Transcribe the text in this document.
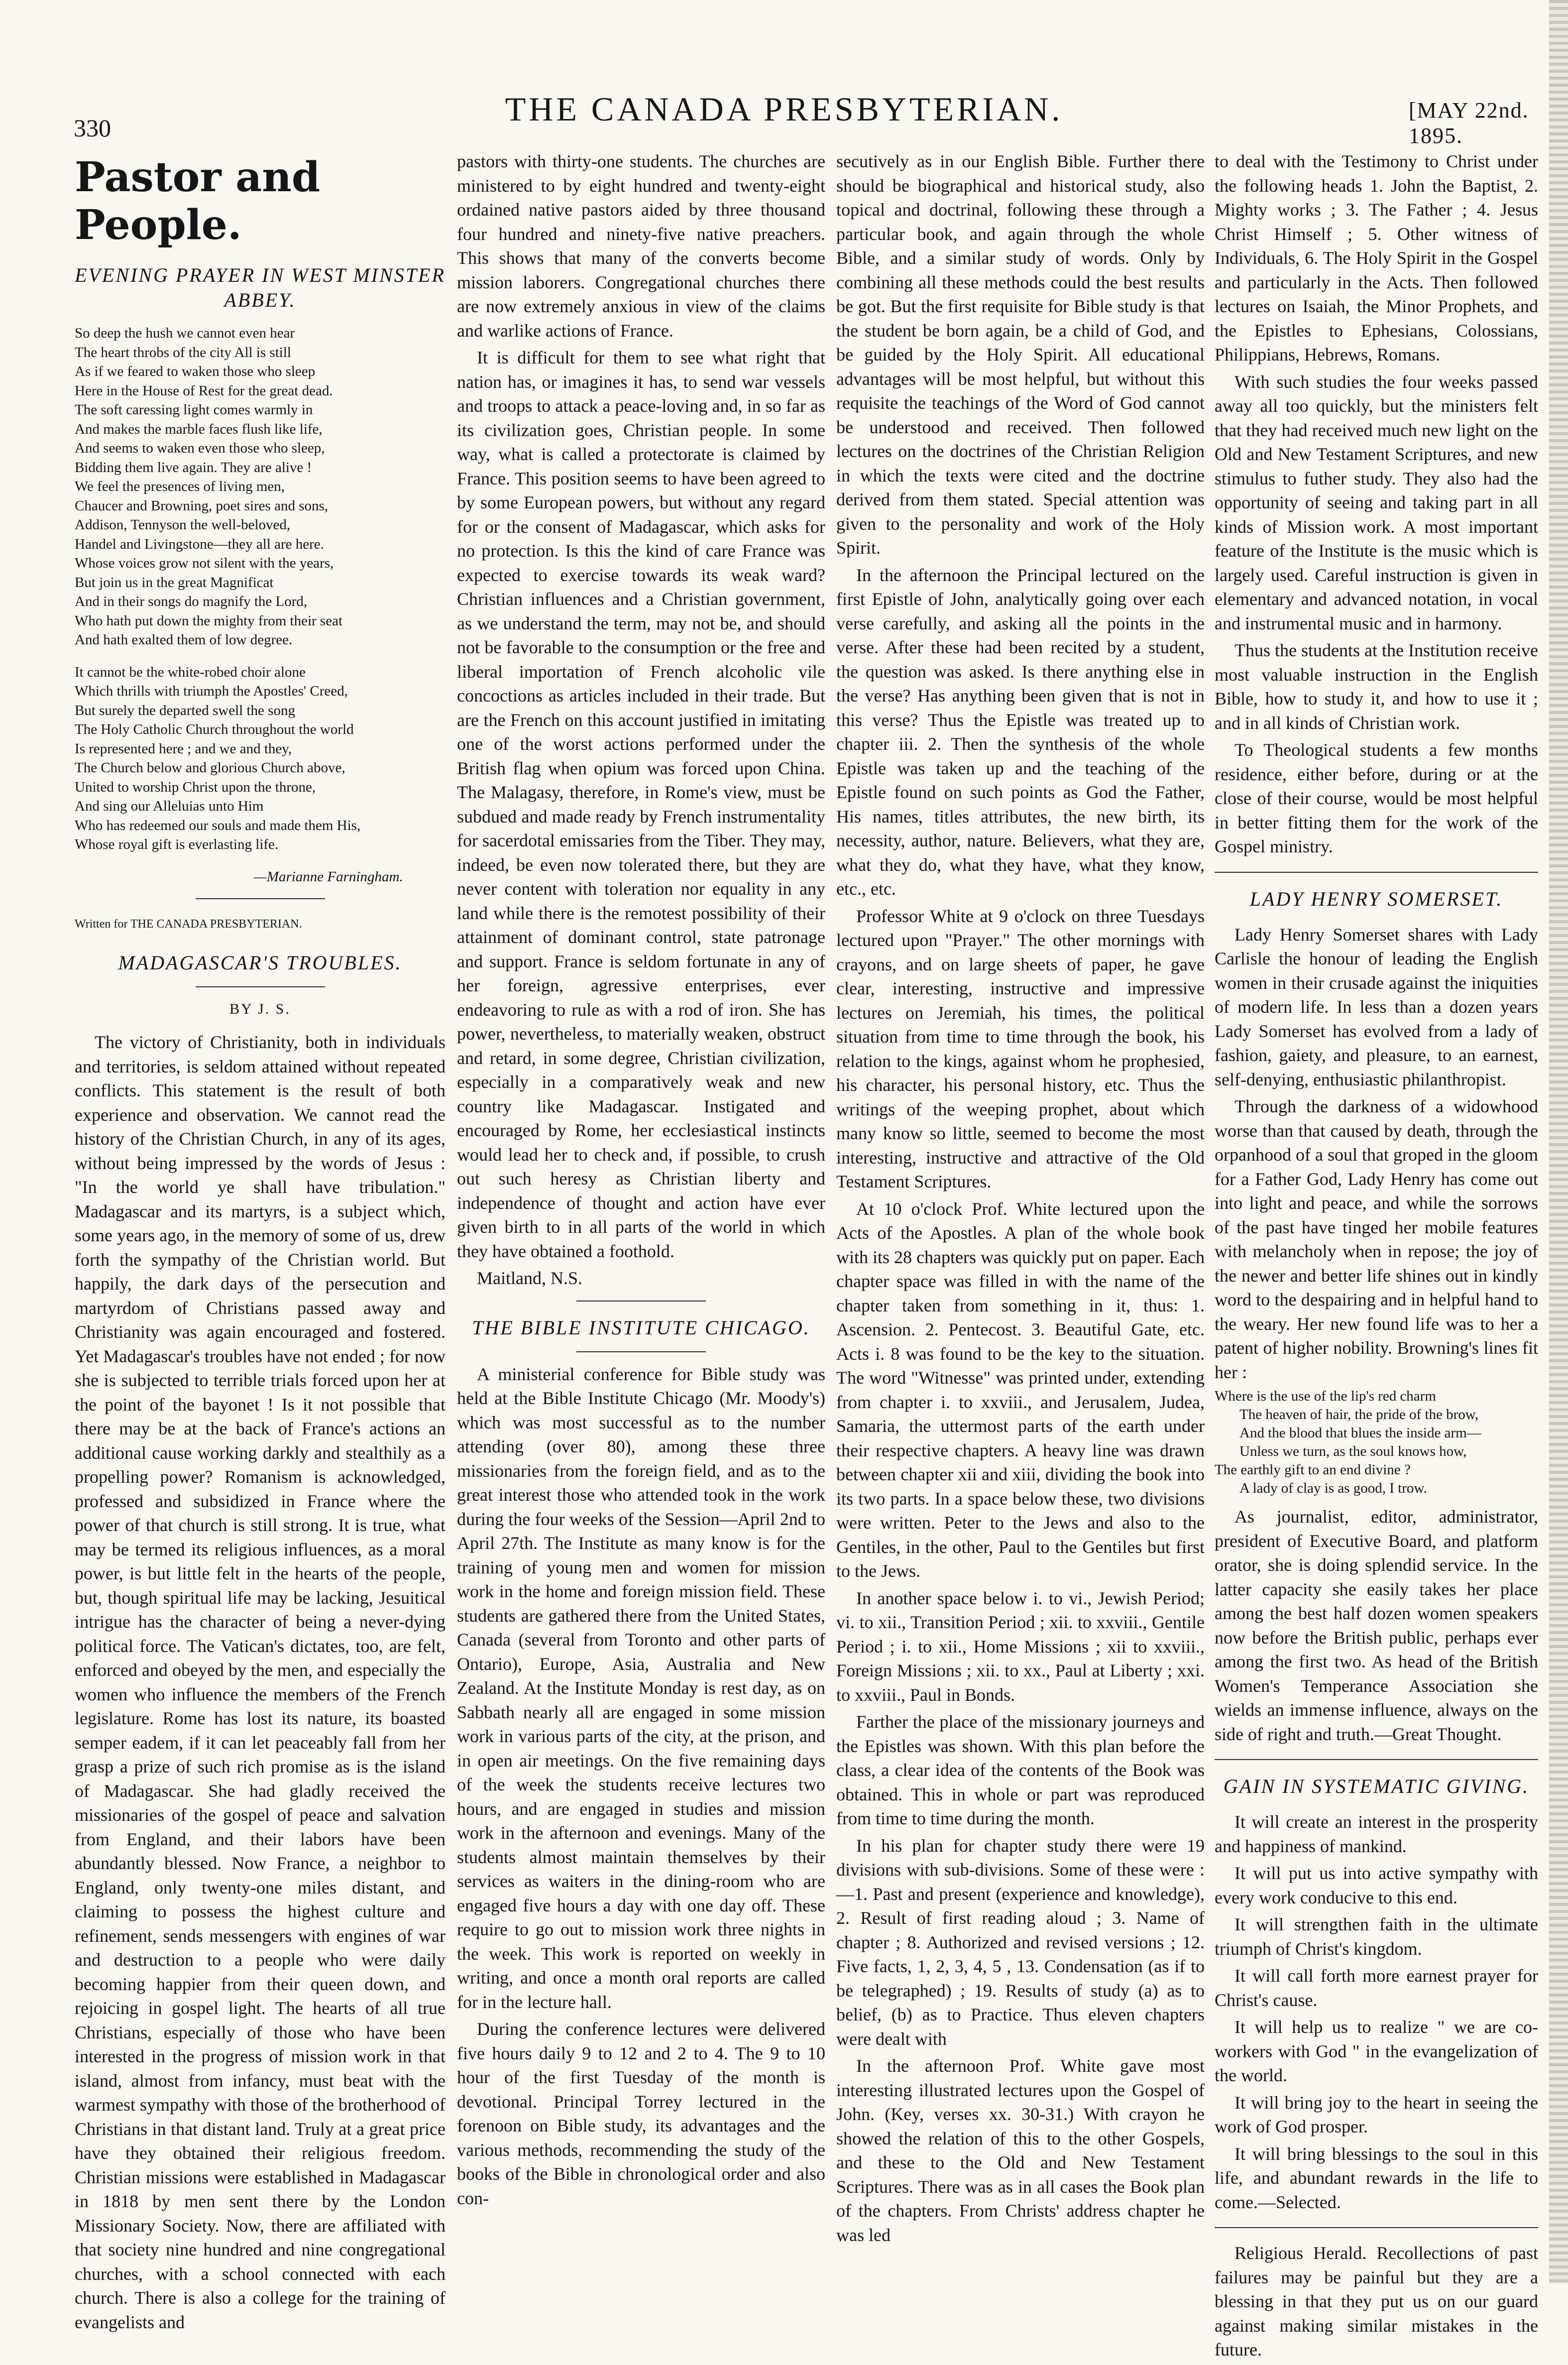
330	THE CANADA PRESBYTERIAN.	[MAY 22nd. 1895.
Pastor and People.
EVENING PRAYER IN WEST MINSTER ABBEY.
So deep the hush we cannot even hear
The heart throbs of the city All is still
As if we feared to waken those who sleep
Here in the House of Rest for the great dead.
The soft caressing light comes warmly in
And makes the marble faces flush like life,
And seems to waken even those who sleep,
Bidding them live again. They are alive !
We feel the presences of living men,
Chaucer and Browning, poet sires and sons,
Addison, Tennyson the well-beloved,
Handel and Livingstone—they all are here.
Whose voices grow not silent with the years,
But join us in the great Magnificat
And in their songs do magnify the Lord,
Who hath put down the mighty from their seat
And hath exalted them of low degree.
It cannot be the white-robed choir alone
Which thrills with triumph the Apostles' Creed,
But surely the departed swell the song
The Holy Catholic Church throughout the world
Is represented here ; and we and they,
The Church below and glorious Church above,
United to worship Christ upon the throne,
And sing our Alleluias unto Him
Who has redeemed our souls and made them His,
Whose royal gift is everlasting life.
—Marianne Farningham.
Written for THE CANADA PRESBYTERIAN.
MADAGASCAR'S TROUBLES.
BY J. S.

The victory of Christianity, both in individuals and territories, is seldom attained without repeated conflicts. This statement is the result of both experience and observation. We cannot read the history of the Christian Church, in any of its ages, without being impressed by the words of Jesus : "In the world ye shall have tribulation." Madagascar and its martyrs, is a subject which, some years ago, in the memory of some of us, drew forth the sympathy of the Christian world. But happily, the dark days of the persecution and martyrdom of Christians passed away and Christianity was again encouraged and fostered. Yet Madagascar's troubles have not ended ; for now she is subjected to terrible trials forced upon her at the point of the bayonet ! Is it not possible that there may be at the back of France's actions an additional cause working darkly and stealthily as a propelling power? Romanism is acknowledged, professed and subsidized in France where the power of that church is still strong. It is true, what may be termed its religious influences, as a moral power, is but little felt in the hearts of the people, but, though spiritual life may be lacking, Jesuitical intrigue has the character of being a never-dying political force. The Vatican's dictates, too, are felt, enforced and obeyed by the men, and especially the women who influence the members of the French legislature. Rome has lost its nature, its boasted semper eadem, if it can let peaceably fall from her grasp a prize of such rich promise as is the island of Madagascar. She had gladly received the missionaries of the gospel of peace and salvation from England, and their labors have been abundantly blessed. Now France, a neighbor to England, only twenty-one miles distant, and claiming to possess the highest culture and refinement, sends messengers with engines of war and destruction to a people who were daily becoming happier from their queen down, and rejoicing in gospel light. The hearts of all true Christians, especially of those who have been interested in the progress of mission work in that island, almost from infancy, must beat with the warmest sympathy with those of the brotherhood of Christians in that distant land. Truly at a great price have they obtained their religious freedom. Christian missions were established in Madagascar in 1818 by men sent there by the London Missionary Society. Now, there are affiliated with that society nine hundred and nine congregational churches, with a school connected with each church. There is also a college for the training of evangelists and

pastors with thirty-one students. The churches are ministered to by eight hundred and twenty-eight ordained native pastors aided by three thousand four hundred and ninety-five native preachers. This shows that many of the converts become mission laborers. Congregational churches there are now extremely anxious in view of the claims and warlike actions of France.

It is difficult for them to see what right that nation has, or imagines it has, to send war vessels and troops to attack a peace-loving and, in so far as its civilization goes, Christian people. In some way, what is called a protectorate is claimed by France. This position seems to have been agreed to by some European powers, but without any regard for or the consent of Madagascar, which asks for no protection. Is this the kind of care France was expected to exercise towards its weak ward? Christian influences and a Christian government, as we understand the term, may not be, and should not be favorable to the consumption or the free and liberal importation of French alcoholic vile concoctions as articles included in their trade. But are the French on this account justified in imitating one of the worst actions performed under the British flag when opium was forced upon China. The Malagasy, therefore, in Rome's view, must be subdued and made ready by French instrumentality for sacerdotal emissaries from the Tiber. They may, indeed, be even now tolerated there, but they are never content with toleration nor equality in any land while there is the remotest possibility of their attainment of dominant control, state patronage and support. France is seldom fortunate in any of her foreign, agressive enterprises, ever endeavoring to rule as with a rod of iron. She has power, nevertheless, to materially weaken, obstruct and retard, in some degree, Christian civilization, especially in a comparatively weak and new country like Madagascar. Instigated and encouraged by Rome, her ecclesiastical instincts would lead her to check and, if possible, to crush out such heresy as Christian liberty and independence of thought and action have ever given birth to in all parts of the world in which they have obtained a foothold.

Maitland, N.S.
THE BIBLE INSTITUTE CHICAGO.

A ministerial conference for Bible study was held at the Bible Institute Chicago (Mr. Moody's) which was most successful as to the number attending (over 80), among these three missionaries from the foreign field, and as to the great interest those who attended took in the work during the four weeks of the Session—April 2nd to April 27th. The Institute as many know is for the training of young men and women for mission work in the home and foreign mission field. These students are gathered there from the United States, Canada (several from Toronto and other parts of Ontario), Europe, Asia, Australia and New Zealand. At the Institute Monday is rest day, as on Sabbath nearly all are engaged in some mission work in various parts of the city, at the prison, and in open air meetings. On the five remaining days of the week the students receive lectures two hours, and are engaged in studies and mission work in the afternoon and evenings. Many of the students almost maintain themselves by their services as waiters in the dining-room who are engaged five hours a day with one day off. These require to go out to mission work three nights in the week. This work is reported on weekly in writing, and once a month oral reports are called for in the lecture hall.

During the conference lectures were delivered five hours daily 9 to 12 and 2 to 4. The 9 to 10 hour of the first Tuesday of the month is devotional. Principal Torrey lectured in the forenoon on Bible study, its advantages and the various methods, recommending the study of the books of the Bible in chronological order and also con-

secutively as in our English Bible. Further there should be biographical and historical study, also topical and doctrinal, following these through a particular book, and again through the whole Bible, and a similar study of words. Only by combining all these methods could the best results be got. But the first requisite for Bible study is that the student be born again, be a child of God, and be guided by the Holy Spirit. All educational advantages will be most helpful, but without this requisite the teachings of the Word of God cannot be understood and received. Then followed lectures on the doctrines of the Christian Religion in which the texts were cited and the doctrine derived from them stated. Special attention was given to the personality and work of the Holy Spirit.

In the afternoon the Principal lectured on the first Epistle of John, analytically going over each verse carefully, and asking all the points in the verse. After these had been recited by a student, the question was asked. Is there anything else in the verse? Has anything been given that is not in this verse? Thus the Epistle was treated up to chapter iii. 2. Then the synthesis of the whole Epistle was taken up and the teaching of the Epistle found on such points as God the Father, His names, titles attributes, the new birth, its necessity, author, nature. Believers, what they are, what they do, what they have, what they know, etc., etc.

Professor White at 9 o'clock on three Tuesdays lectured upon "Prayer." The other mornings with crayons, and on large sheets of paper, he gave clear, interesting, instructive and impressive lectures on Jeremiah, his times, the political situation from time to time through the book, his relation to the kings, against whom he prophesied, his character, his personal history, etc. Thus the writings of the weeping prophet, about which many know so little, seemed to become the most interesting, instructive and attractive of the Old Testament Scriptures.

At 10 o'clock Prof. White lectured upon the Acts of the Apostles. A plan of the whole book with its 28 chapters was quickly put on paper. Each chapter space was filled in with the name of the chapter taken from something in it, thus: 1. Ascension. 2. Pentecost. 3. Beautiful Gate, etc. Acts i. 8 was found to be the key to the situation. The word "Witnesse" was printed under, extending from chapter i. to xxviii., and Jerusalem, Judea, Samaria, the uttermost parts of the earth under their respective chapters. A heavy line was drawn between chapter xii and xiii, dividing the book into its two parts. In a space below these, two divisions were written. Peter to the Jews and also to the Gentiles, in the other, Paul to the Gentiles but first to the Jews.

In another space below i. to vi., Jewish Period; vi. to xii., Transition Period ; xii. to xxviii., Gentile Period ; i. to xii., Home Missions ; xii to xxviii., Foreign Missions ; xii. to xx., Paul at Liberty ; xxi. to xxviii., Paul in Bonds.

Farther the place of the missionary journeys and the Epistles was shown. With this plan before the class, a clear idea of the contents of the Book was obtained. This in whole or part was reproduced from time to time during the month.

In his plan for chapter study there were 19 divisions with sub-divisions. Some of these were :—1. Past and present (experience and knowledge), 2. Result of first reading aloud ; 3. Name of chapter ; 8. Authorized and revised versions ; 12. Five facts, 1, 2, 3, 4, 5 , 13. Condensation (as if to be telegraphed) ; 19. Results of study (a) as to belief, (b) as to Practice. Thus eleven chapters were dealt with

In the afternoon Prof. White gave most interesting illustrated lectures upon the Gospel of John. (Key, verses xx. 30-31.) With crayon he showed the relation of this to the other Gospels, and these to the Old and New Testament Scriptures. There was as in all cases the Book plan of the chapters. From Christs' address chapter he was led

to deal with the Testimony to Christ under the following heads 1. John the Baptist, 2. Mighty works ; 3. The Father ; 4. Jesus Christ Himself ; 5. Other witness of Individuals, 6. The Holy Spirit in the Gospel and particularly in the Acts. Then followed lectures on Isaiah, the Minor Prophets, and the Epistles to Ephesians, Colossians, Philippians, Hebrews, Romans.

With such studies the four weeks passed away all too quickly, but the ministers felt that they had received much new light on the Old and New Testament Scriptures, and new stimulus to futher study. They also had the opportunity of seeing and taking part in all kinds of Mission work. A most important feature of the Institute is the music which is largely used. Careful instruction is given in elementary and advanced notation, in vocal and instrumental music and in harmony.

Thus the students at the Institution receive most valuable instruction in the English Bible, how to study it, and how to use it ; and in all kinds of Christian work.

To Theological students a few months residence, either before, during or at the close of their course, would be most helpful in better fitting them for the work of the Gospel ministry.

LADY HENRY SOMERSET.

Lady Henry Somerset shares with Lady Carlisle the honour of leading the English women in their crusade against the iniquities of modern life. In less than a dozen years Lady Somerset has evolved from a lady of fashion, gaiety, and pleasure, to an earnest, self-denying, enthusiastic philanthropist.

Through the darkness of a widowhood worse than that caused by death, through the orpanhood of a soul that groped in the gloom for a Father God, Lady Henry has come out into light and peace, and while the sorrows of the past have tinged her mobile features with melancholy when in repose; the joy of the newer and better life shines out in kindly word to the despairing and in helpful hand to the weary. Her new found life was to her a patent of higher nobility. Browning's lines fit her :

Where is the use of the lip's red charm
The heaven of hair, the pride of the brow,
And the blood that blues the inside arm—
Unless we turn, as the soul knows how,
The earthly gift to an end divine ?
A lady of clay is as good, I trow.

As journalist, editor, administrator, president of Executive Board, and platform orator, she is doing splendid service. In the latter capacity she easily takes her place among the best half dozen women speakers now before the British public, perhaps ever among the first two. As head of the British Women's Temperance Association she wields an immense influence, always on the side of right and truth.—Great Thought.

GAIN IN SYSTEMATIC GIVING.

It will create an interest in the prosperity and happiness of mankind.

It will put us into active sympathy with every work conducive to this end.

It will strengthen faith in the ultimate triumph of Christ's kingdom.

It will call forth more earnest prayer for Christ's cause.

It will help us to realize " we are co-workers with God " in the evangelization of the world.

It will bring joy to the heart in seeing the work of God prosper.

It will bring blessings to the soul in this life, and abundant rewards in the life to come.—Selected.

Religious Herald. Recollections of past failures may be painful but they are a blessing in that they put us on our guard against making similar mistakes in the future.
